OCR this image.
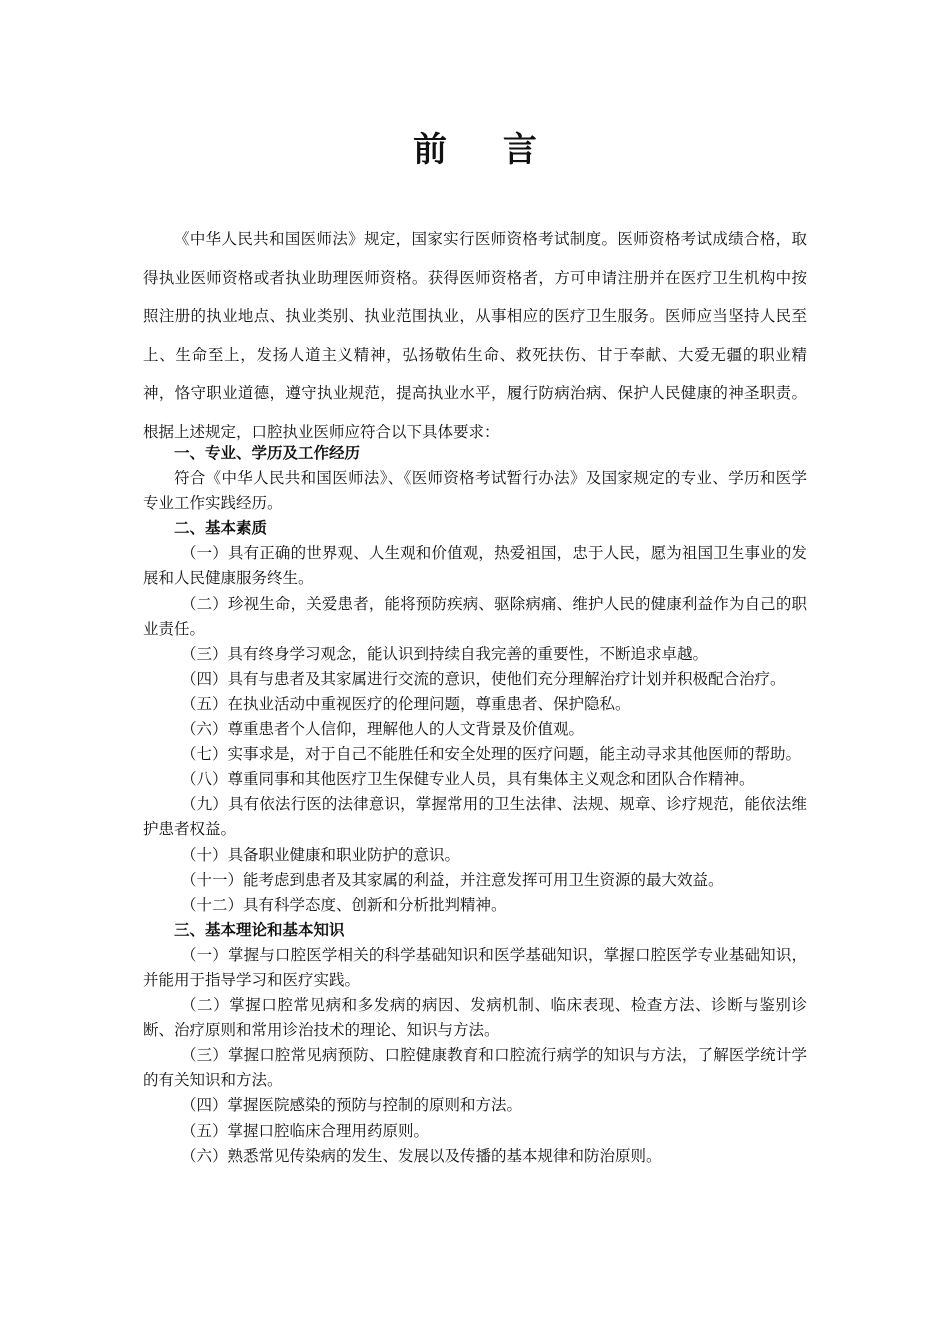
前 言

《中华人民共和国医师法》规定，国家实行医师资格考试制度。医师资格考试成绩合格，取得执业医师资格或者执业助理医师资格。获得医师资格者，方可申请注册并在医疗卫生机构中按照注册的执业地点、执业类别、执业范围执业，从事相应的医疗卫生服务。医师应当坚持人民至上、生命至上，发扬人道主义精神，弘扬敬佑生命、救死扶伤、甘于奉献、大爱无疆的职业精神，恪守职业道德，遵守执业规范，提高执业水平，履行防病治病、保护人民健康的神圣职责。根据上述规定，口腔执业医师应符合以下具体要求：

一、专业、学历及工作经历

符合《中华人民共和国医师法》、《医师资格考试暂行办法》及国家规定的专业、学历和医学专业工作实践经历。

二、基本素质

（一）具有正确的世界观、人生观和价值观，热爱祖国，忠于人民，愿为祖国卫生事业的发展和人民健康服务终生。

（二）珍视生命，关爱患者，能将预防疾病、驱除病痛、维护人民的健康利益作为自己的职业责任。

（三）具有终身学习观念，能认识到持续自我完善的重要性，不断追求卓越。

（四）具有与患者及其家属进行交流的意识，使他们充分理解治疗计划并积极配合治疗。

（五）在执业活动中重视医疗的伦理问题，尊重患者、保护隐私。

（六）尊重患者个人信仰，理解他人的人文背景及价值观。

（七）实事求是，对于自己不能胜任和安全处理的医疗问题，能主动寻求其他医师的帮助。

（八）尊重同事和其他医疗卫生保健专业人员，具有集体主义观念和团队合作精神。

（九）具有依法行医的法律意识，掌握常用的卫生法律、法规、规章、诊疗规范，能依法维护患者权益。

（十）具备职业健康和职业防护的意识。

（十一）能考虑到患者及其家属的利益，并注意发挥可用卫生资源的最大效益。

（十二）具有科学态度、创新和分析批判精神。

三、基本理论和基本知识

（一）掌握与口腔医学相关的科学基础知识和医学基础知识，掌握口腔医学专业基础知识，并能用于指导学习和医疗实践。

（二）掌握口腔常见病和多发病的病因、发病机制、临床表现、检查方法、诊断与鉴别诊断、治疗原则和常用诊治技术的理论、知识与方法。

（三）掌握口腔常见病预防、口腔健康教育和口腔流行病学的知识与方法，了解医学统计学的有关知识和方法。

（四）掌握医院感染的预防与控制的原则和方法。

（五）掌握口腔临床合理用药原则。

（六）熟悉常见传染病的发生、发展以及传播的基本规律和防治原则。
